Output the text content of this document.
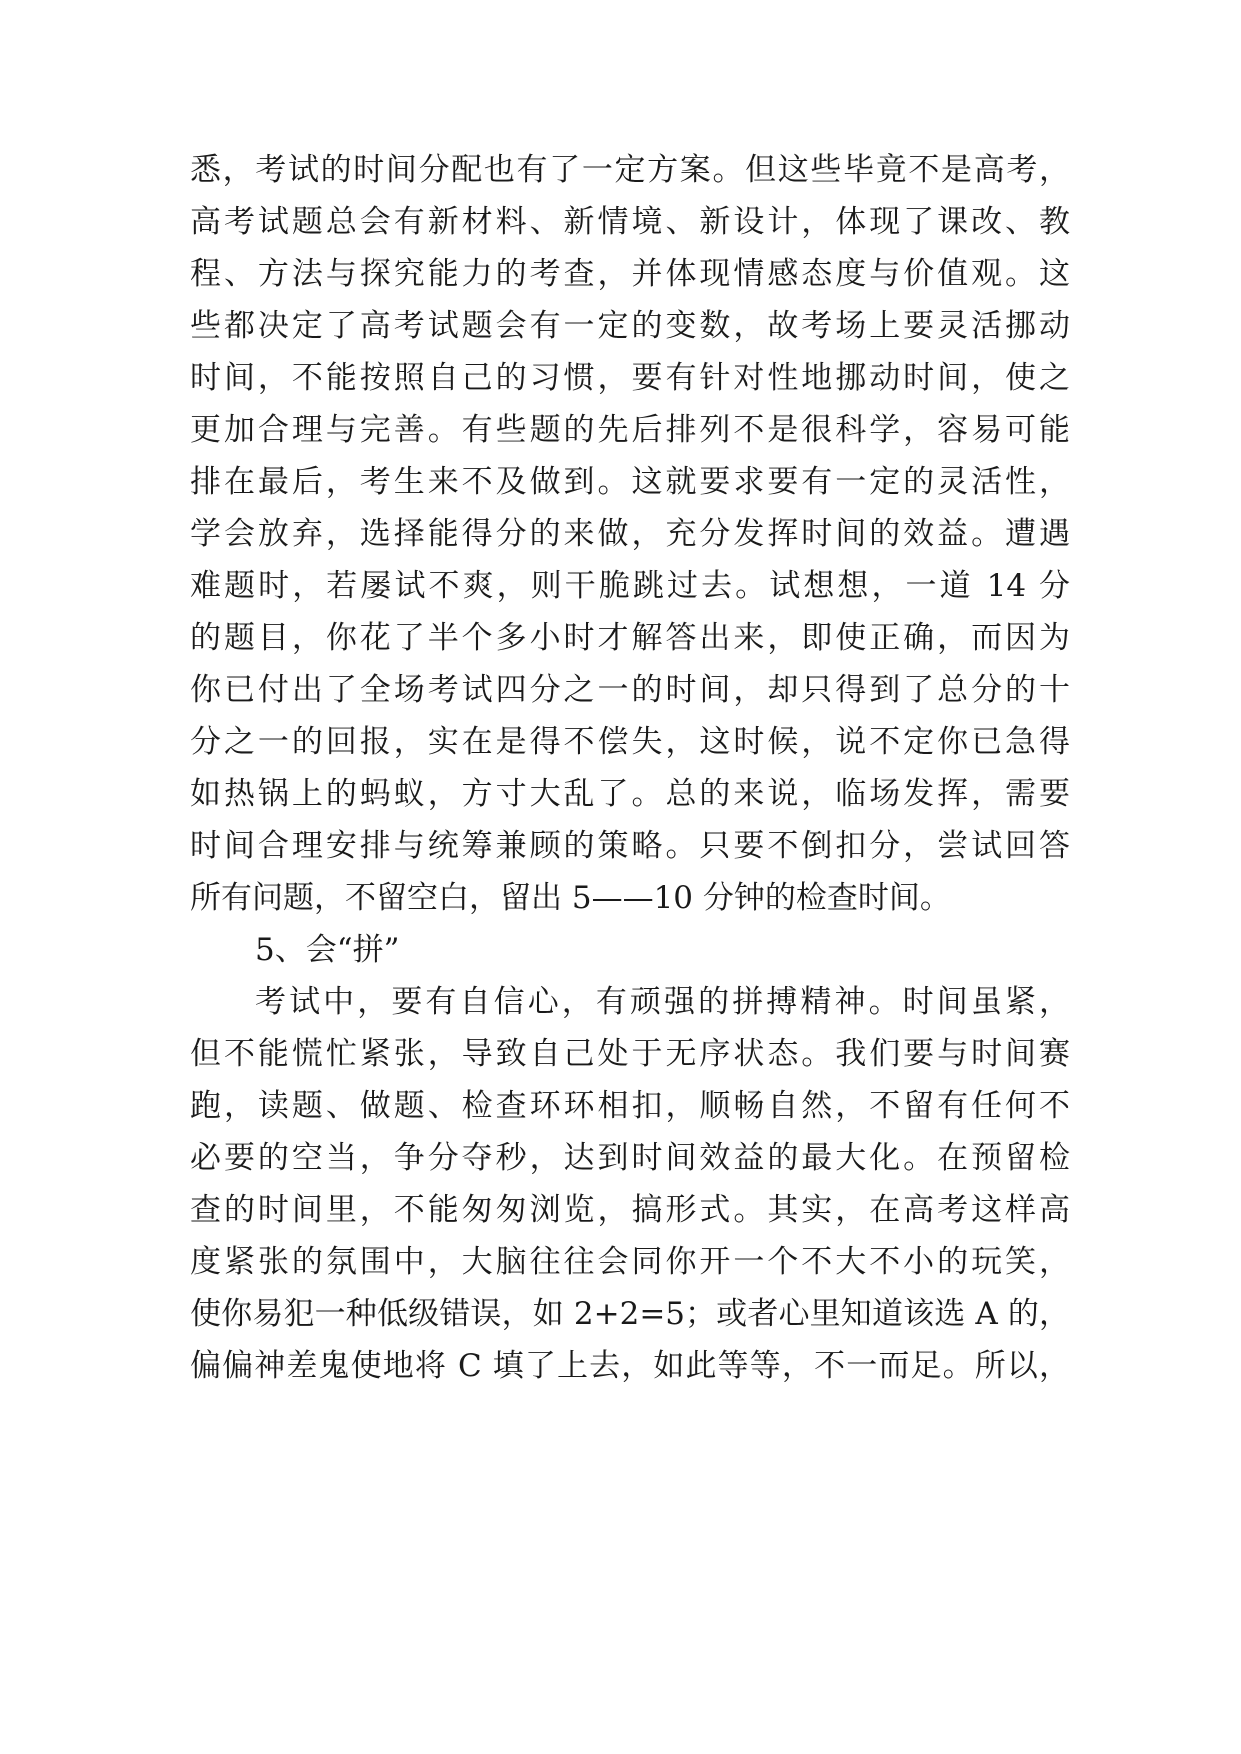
悉，考试的时间分配也有了一定方案。但这些毕竟不是高考，
高考试题总会有新材料、新情境、新设计，体现了课改、教
程、方法与探究能力的考查，并体现情感态度与价值观。这
些都决定了高考试题会有一定的变数，故考场上要灵活挪动
时间，不能按照自己的习惯，要有针对性地挪动时间，使之
更加合理与完善。有些题的先后排列不是很科学，容易可能
排在最后，考生来不及做到。这就要求要有一定的灵活性，
学会放弃，选择能得分的来做，充分发挥时间的效益。遭遇
难题时，若屡试不爽，则干脆跳过去。试想想，一道 14 分
的题目，你花了半个多小时才解答出来，即使正确，而因为
你已付出了全场考试四分之一的时间，却只得到了总分的十
分之一的回报，实在是得不偿失，这时候，说不定你已急得
如热锅上的蚂蚁，方寸大乱了。总的来说，临场发挥，需要
时间合理安排与统筹兼顾的策略。只要不倒扣分，尝试回答
所有问题，不留空白，留出 5——10 分钟的检查时间。
5、会“拼”
考试中，要有自信心，有顽强的拼搏精神。时间虽紧，
但不能慌忙紧张，导致自己处于无序状态。我们要与时间赛
跑，读题、做题、检查环环相扣，顺畅自然，不留有任何不
必要的空当，争分夺秒，达到时间效益的最大化。在预留检
查的时间里，不能匆匆浏览，搞形式。其实，在高考这样高
度紧张的氛围中，大脑往往会同你开一个不大不小的玩笑，
使你易犯一种低级错误，如 2+2=5；或者心里知道该选 A 的，
偏偏神差鬼使地将 C 填了上去，如此等等，不一而足。所以，
